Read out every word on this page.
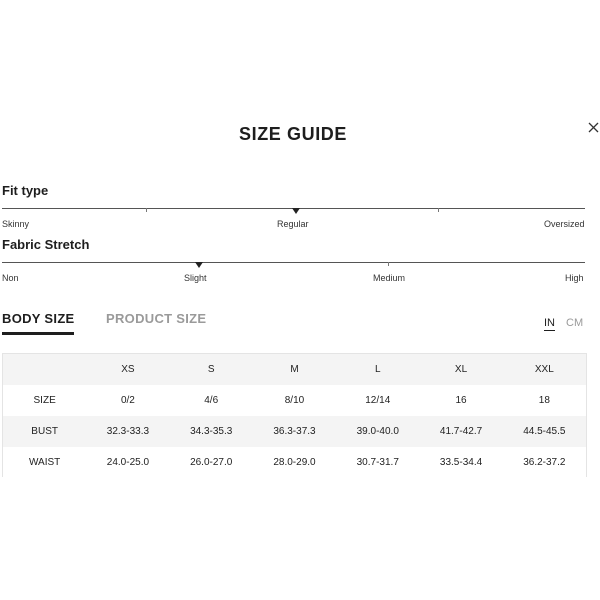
SIZE GUIDE
Fit type
Skinny	Regular	Oversized
Fabric Stretch
Non	Slight	Medium	High
BODY SIZE PRODUCT SIZE	IN CM
	XS	S	M	L	XL	XXL
SIZE	0/2	4/6	8/10	12/14	16	18
BUST	32.3-33.3	34.3-35.3	36.3-37.3	39.0-40.0	41.7-42.7	44.5-45.5
WAIST	24.0-25.0	26.0-27.0	28.0-29.0	30.7-31.7	33.5-34.4	36.2-37.2
